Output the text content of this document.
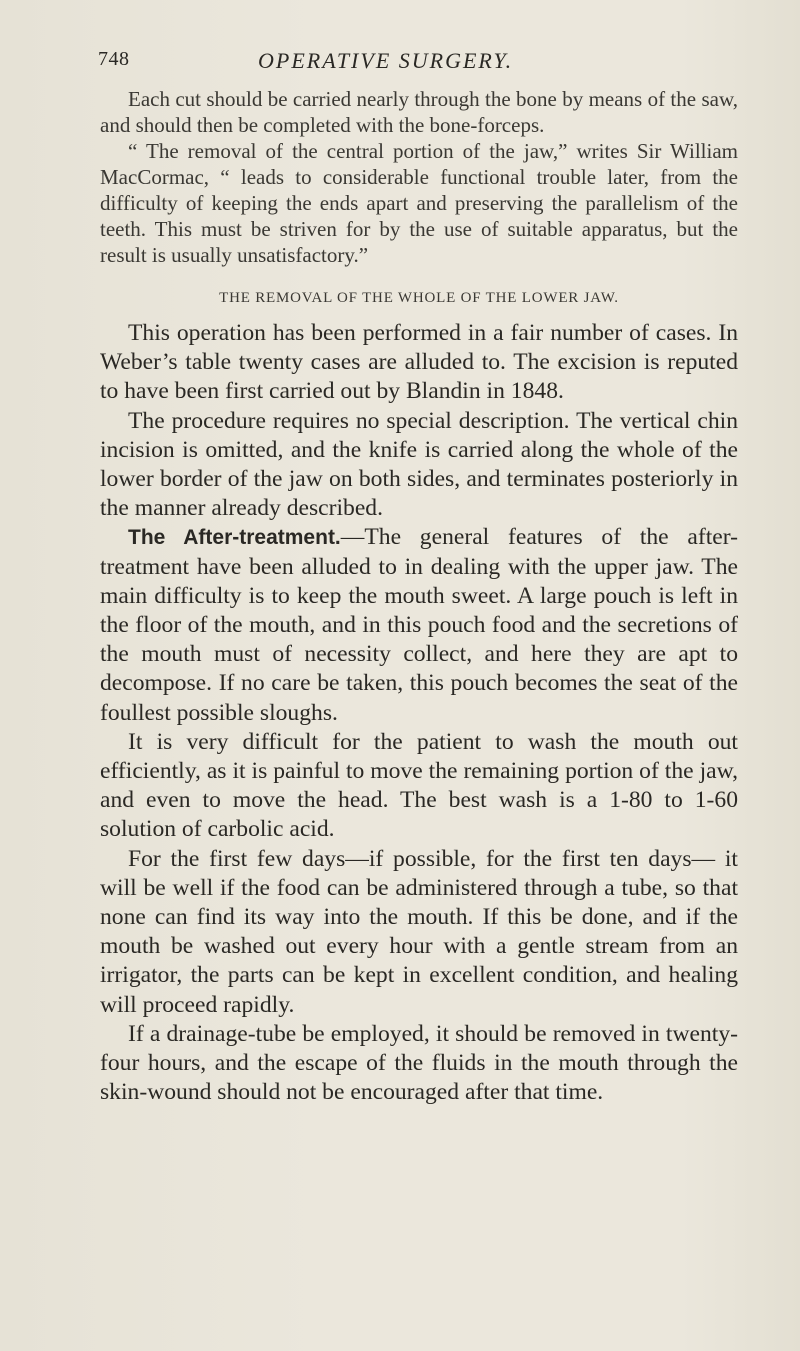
748	OPERATIVE SURGERY.

Each cut should be carried nearly through the bone by means of the saw, and should then be completed with the bone-forceps.

“ The removal of the central portion of the jaw,” writes Sir William MacCormac, “ leads to considerable functional trouble later, from the difficulty of keeping the ends apart and preserving the parallelism of the teeth. This must be striven for by the use of suitable apparatus, but the result is usually unsatisfactory.”

THE REMOVAL OF THE WHOLE OF THE LOWER JAW.

This operation has been performed in a fair number of cases. In Weber’s table twenty cases are alluded to. The excision is reputed to have been first carried out by Blandin in 1848.

The procedure requires no special description. The vertical chin incision is omitted, and the knife is carried along the whole of the lower border of the jaw on both sides, and terminates posteriorly in the manner already described.

The After-treatment.—The general features of the after-treatment have been alluded to in dealing with the upper jaw. The main difficulty is to keep the mouth sweet. A large pouch is left in the floor of the mouth, and in this pouch food and the secretions of the mouth must of necessity collect, and here they are apt to decompose. If no care be taken, this pouch becomes the seat of the foullest possible sloughs.

It is very difficult for the patient to wash the mouth out efficiently, as it is painful to move the remaining portion of the jaw, and even to move the head. The best wash is a 1-80 to 1-60 solution of carbolic acid.

For the first few days—if possible, for the first ten days— it will be well if the food can be administered through a tube, so that none can find its way into the mouth. If this be done, and if the mouth be washed out every hour with a gentle stream from an irrigator, the parts can be kept in excellent condition, and healing will proceed rapidly.

If a drainage-tube be employed, it should be removed in twenty-four hours, and the escape of the fluids in the mouth through the skin-wound should not be encouraged after that time.
